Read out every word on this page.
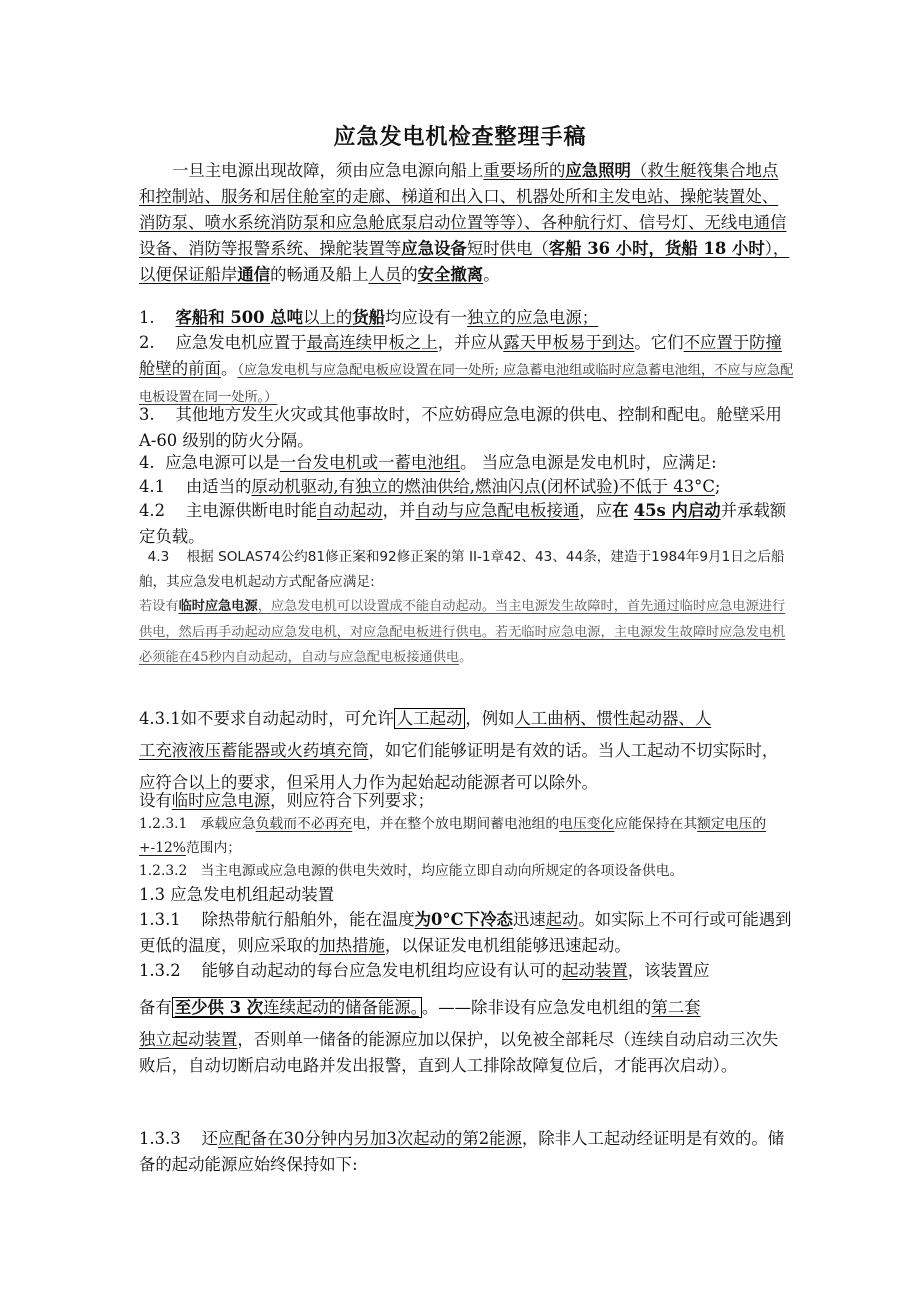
应急发电机检查整理手稿
一旦主电源出现故障，须由应急电源向船上重要场所的应急照明（救生艇筏集合地点和控制站、服务和居住舱室的走廊、梯道和出入口、机器处所和主发电站、操舵装置处、消防泵、喷水系统消防泵和应急舱底泵启动位置等等）、各种航行灯、信号灯、无线电通信设备、消防等报警系统、操舵装置等应急设备短时供电（客船 36 小时，货船 18 小时），以便保证船岸通信的畅通及船上人员的安全撤离。
1. 客船和 500 总吨以上的货船均应设有一独立的应急电源；
2. 应急发电机应置于最高连续甲板之上，并应从露天甲板易于到达。它们不应置于防撞舱壁的前面。（应急发电机与应急配电板应设置在同一处所; 应急蓄电池组或临时应急蓄电池组，不应与应急配电板设置在同一处所。）
3. 其他地方发生火灾或其他事故时，不应妨碍应急电源的供电、控制和配电。舱壁采用 A-60 级别的防火分隔。
4. 应急电源可以是一台发电机或一蓄电池组。 当应急电源是发电机时，应满足:
4.1 由适当的原动机驱动,有独立的燃油供给,燃油闪点(闭杯试验)不低于 43°C;
4.2 主电源供断电时能自动起动，并自动与应急配电板接通，应在 45s 内启动并承载额定负载。
4.3 根据 SOLAS74公约81修正案和92修正案的第 II-1章42、43、44条，建造于1984年9月1日之后船舶，其应急发电机起动方式配备应满足:
若设有临时应急电源，应急发电机可以设置成不能自动起动。当主电源发生故障时，首先通过临时应急电源进行供电，然后再手动起动应急发电机，对应急配电板进行供电。若无临时应急电源，主电源发生故障时应急发电机必须能在45秒内自动起动，自动与应急配电板接通供电。
4.3.1如不要求自动起动时，可允许 人工起动 ，例如人工曲柄、惯性起动器、人
工充液液压蓄能器或火药填充筒，如它们能够证明是有效的话。当人工起动不切实际时，应符合以上的要求，但采用人力作为起始起动能源者可以除外。
设有临时应急电源，则应符合下列要求；
1.2.3.1 承载应急负载而不必再充电，并在整个放电期间蓄电池组的电压变化应能保持在其额定电压的+-12%范围内；
1.2.3.2 当主电源或应急电源的供电失效时，均应能立即自动向所规定的各项设备供电。
1.3 应急发电机组起动装置
1.3.1 除热带航行船舶外，能在温度为0°C下冷态迅速起动。如实际上不可行或可能遇到更低的温度，则应采取的加热措施，以保证发电机组能够迅速起动。
1.3.2 能够自动起动的每台应急发电机组均应设有认可的起动装置，该装置应
备有 至少供 3 次连续起动的储备能源。 。——除非设有应急发电机组的第二套
独立起动装置，否则单一储备的能源应加以保护，以免被全部耗尽（连续自动启动三次失败后，自动切断启动电路并发出报警，直到人工排除故障复位后，才能再次启动）。
1.3.3 还应配备在30分钟内另加3次起动的第2能源，除非人工起动经证明是有效的。储备的起动能源应始终保持如下:
